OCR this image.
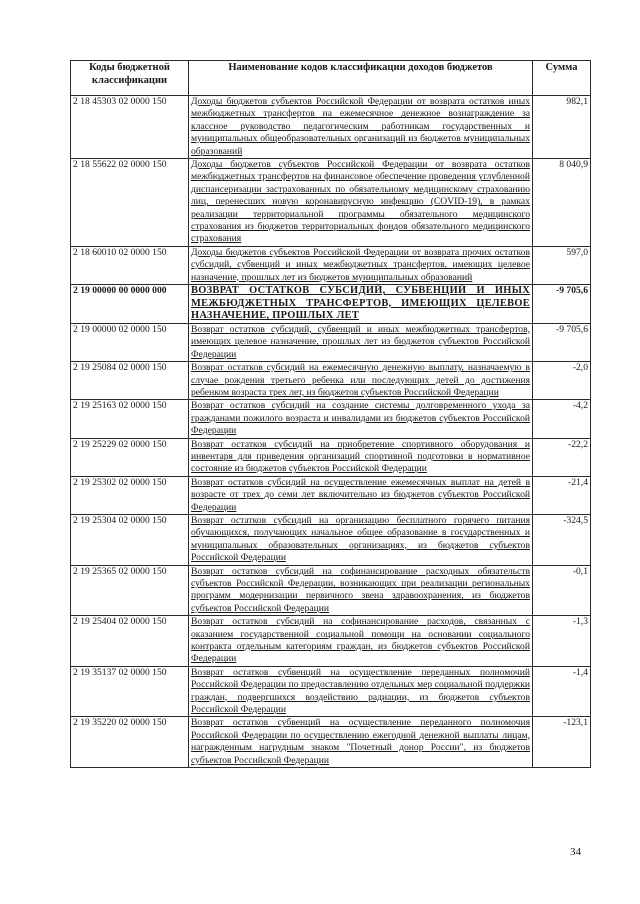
Коды бюджетной классификации	Наименование кодов классификации доходов бюджетов	Сумма
2 18 45303 02 0000 150	Доходы бюджетов субъектов Российской Федерации от возврата остатков иных межбюджетных трансфертов на ежемесячное денежное вознаграждение за классное руководство педагогическим работникам государственных и муниципальных общеобразовательных организаций из бюджетов муниципальных образований	982,1
2 18 55622 02 0000 150	Доходы бюджетов субъектов Российской Федерации от возврата остатков межбюджетных трансфертов на финансовое обеспечение проведения углубленной диспансеризации застрахованных по обязательному медицинскому страхованию лиц, перенесших новую коронавирусную инфекцию (COVID-19), в рамках реализации территориальной программы обязательного медицинского страхования из бюджетов территориальных фондов обязательного медицинского страхования	8 040,9
2 18 60010 02 0000 150	Доходы бюджетов субъектов Российской Федерации от возврата прочих остатков субсидий, субвенций и иных межбюджетных трансфертов, имеющих целевое назначение, прошлых лет из бюджетов муниципальных образований	597,0
2 19 00000 00 0000 000	ВОЗВРАТ ОСТАТКОВ СУБСИДИЙ, СУБВЕНЦИЙ И ИНЫХ МЕЖБЮДЖЕТНЫХ ТРАНСФЕРТОВ, ИМЕЮЩИХ ЦЕЛЕВОЕ НАЗНАЧЕНИЕ, ПРОШЛЫХ ЛЕТ	-9 705,6
2 19 00000 02 0000 150	Возврат остатков субсидий, субвенций и иных межбюджетных трансфертов, имеющих целевое назначение, прошлых лет из бюджетов субъектов Российской Федерации	-9 705,6
2 19 25084 02 0000 150	Возврат остатков субсидий на ежемесячную денежную выплату, назначаемую в случае рождения третьего ребенка или последующих детей до достижения ребенком возраста трех лет, из бюджетов субъектов Российской Федерации	-2,0
2 19 25163 02 0000 150	Возврат остатков субсидий на создание системы долговременного ухода за гражданами пожилого возраста и инвалидами из бюджетов субъектов Российской Федерации	-4,2
2 19 25229 02 0000 150	Возврат остатков субсидий на приобретение спортивного оборудования и инвентаря для приведения организаций спортивной подготовки в нормативное состояние из бюджетов субъектов Российской Федерации	-22,2
2 19 25302 02 0000 150	Возврат остатков субсидий на осуществление ежемесячных выплат на детей в возрасте от трех до семи лет включительно из бюджетов субъектов Российской Федерации	-21,4
2 19 25304 02 0000 150	Возврат остатков субсидий на организацию бесплатного горячего питания обучающихся, получающих начальное общее образование в государственных и муниципальных образовательных организациях, из бюджетов субъектов Российской Федерации	-324,5
2 19 25365 02 0000 150	Возврат остатков субсидий на софинансирование расходных обязательств субъектов Российской Федерации, возникающих при реализации региональных программ модернизации первичного звена здравоохранения, из бюджетов субъектов Российской Федерации	-0,1
2 19 25404 02 0000 150	Возврат остатков субсидий на софинансирование расходов, связанных с оказанием государственной социальной помощи на основании социального контракта отдельным категориям граждан, из бюджетов субъектов Российской Федерации	-1,3
2 19 35137 02 0000 150	Возврат остатков субвенций на осуществление переданных полномочий Российской Федерации по предоставлению отдельных мер социальной поддержки граждан, подвергшихся воздействию радиации, из бюджетов субъектов Российской Федерации	-1,4
2 19 35220 02 0000 150	Возврат остатков субвенций на осуществление переданного полномочия Российской Федерации по осуществлению ежегодной денежной выплаты лицам, награжденным нагрудным знаком "Почетный донор России", из бюджетов субъектов Российской Федерации	-123,1
34
